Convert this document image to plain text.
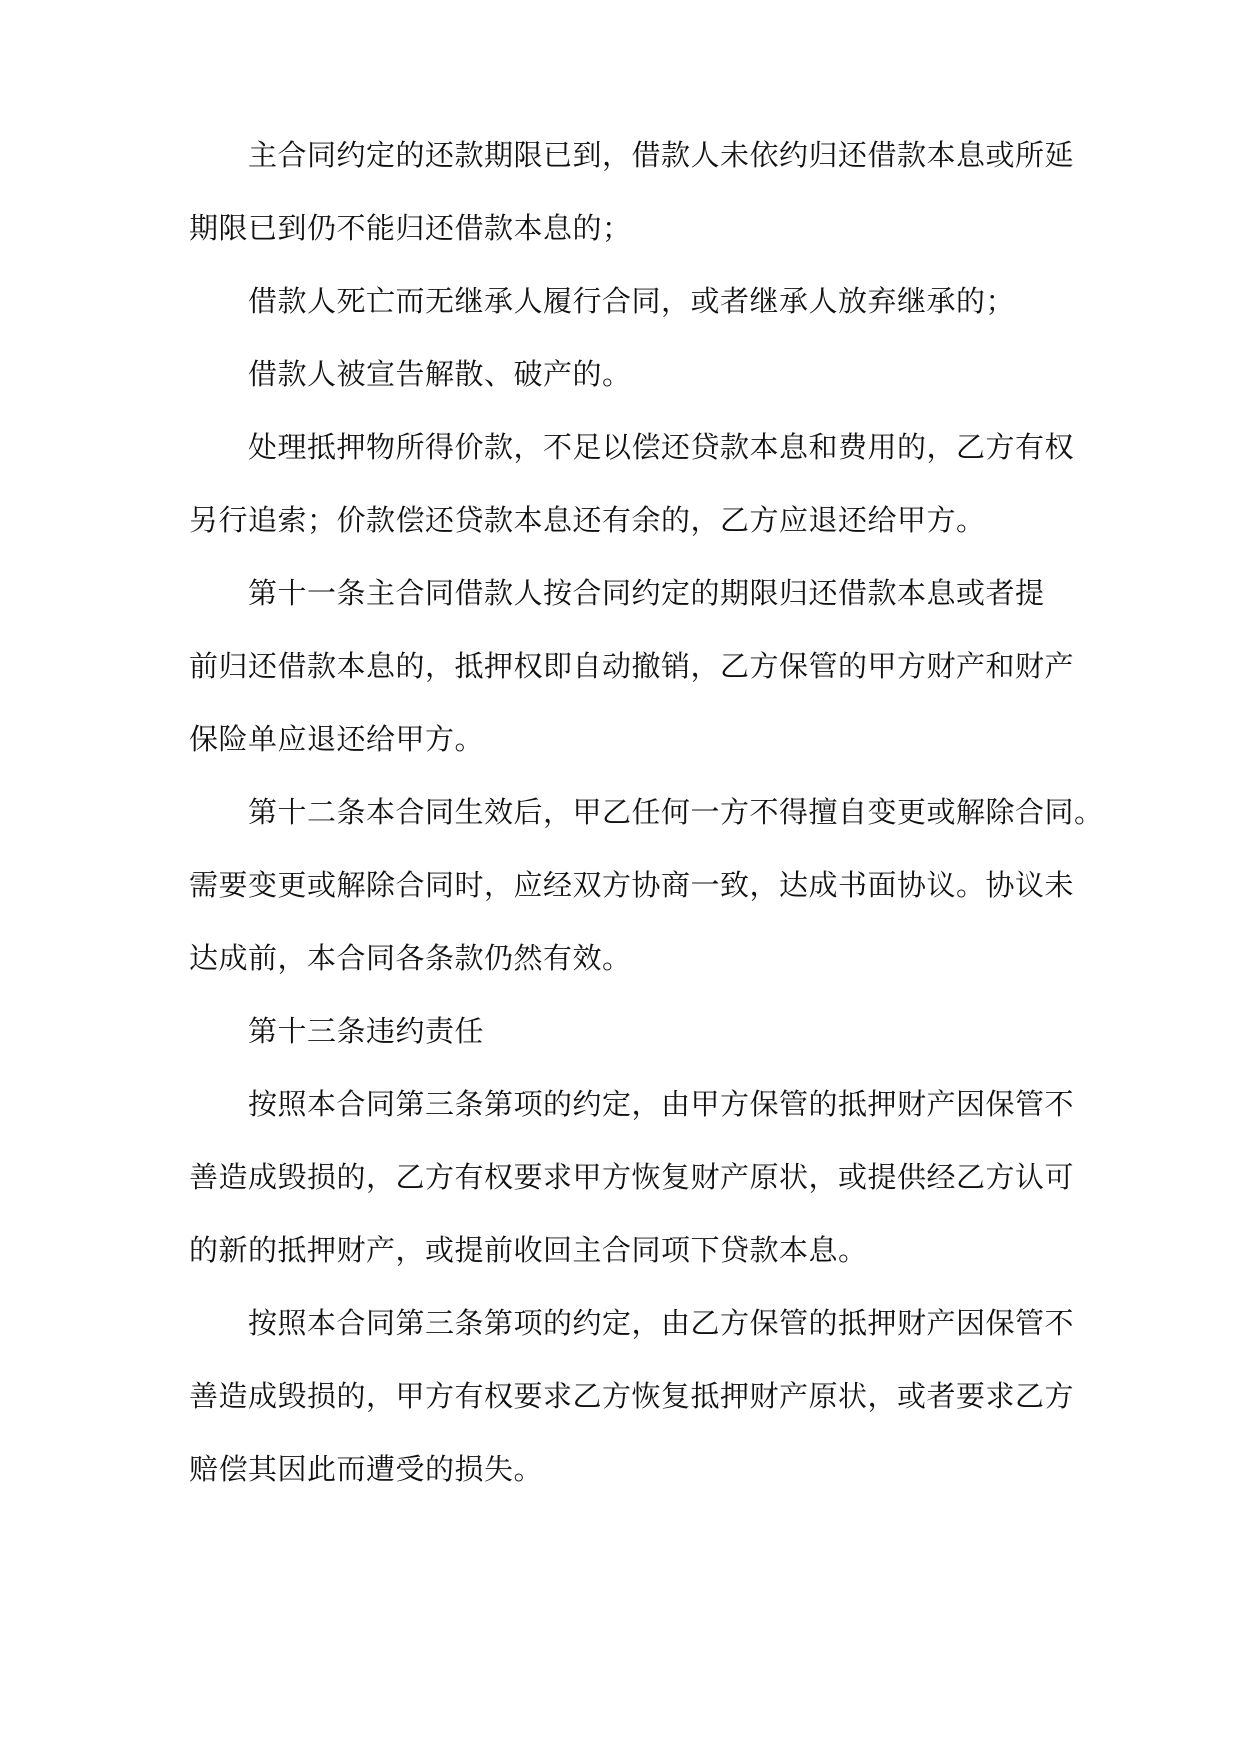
主合同约定的还款期限已到，借款人未依约归还借款本息或所延
期限已到仍不能归还借款本息的；
借款人死亡而无继承人履行合同，或者继承人放弃继承的；
借款人被宣告解散、破产的。
处理抵押物所得价款，不足以偿还贷款本息和费用的，乙方有权
另行追索；价款偿还贷款本息还有余的，乙方应退还给甲方。
第十一条主合同借款人按合同约定的期限归还借款本息或者提
前归还借款本息的，抵押权即自动撤销，乙方保管的甲方财产和财产
保险单应退还给甲方。
第十二条本合同生效后，甲乙任何一方不得擅自变更或解除合同。
需要变更或解除合同时，应经双方协商一致，达成书面协议。协议未
达成前，本合同各条款仍然有效。
第十三条违约责任
按照本合同第三条第项的约定，由甲方保管的抵押财产因保管不
善造成毁损的，乙方有权要求甲方恢复财产原状，或提供经乙方认可
的新的抵押财产，或提前收回主合同项下贷款本息。
按照本合同第三条第项的约定，由乙方保管的抵押财产因保管不
善造成毁损的，甲方有权要求乙方恢复抵押财产原状，或者要求乙方
赔偿其因此而遭受的损失。
